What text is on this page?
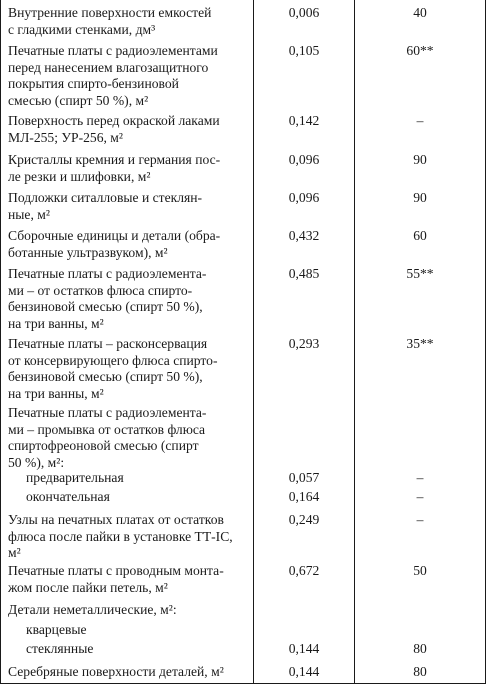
Внутренние поверхности емкостей
с гладкими стенками, дм³
0,006	40
Печатные платы с радиоэлементами
перед нанесением влагозащитного
покрытия спирто-бензиновой
смесью (спирт 50 %), м²
0,105	60**
Поверхность перед окраской лаками
МЛ-255; УР-256, м²
0,142	–
Кристаллы кремния и германия пос-
ле резки и шлифовки, м²
0,096	90
Подложки ситалловые и стеклян-
ные, м²
0,096	90
Сборочные единицы и детали (обра-
ботанные ультразвуком), м²
0,432	60
Печатные платы с радиоэлемента-
ми – от остатков флюса спирто-
бензиновой смесью (спирт 50 %),
на три ванны, м²
0,485	55**
Печатные платы – расконсервация
от консервирующего флюса спирто-
бензиновой смесью (спирт 50 %),
на три ванны, м²
0,293	35**
Печатные платы с радиоэлемента-
ми – промывка от остатков флюса
спиртофреоновой смесью (спирт
50 %), м²:
предварительная	0,057	–
окончательная	0,164	–
Узлы на печатных платах от остатков
флюса после пайки в установке ТТ-IC,
м²
0,249	–
Печатные платы с проводным монта-
жом после пайки петель, м²
0,672	50
Детали неметаллические, м²:
кварцевые
стеклянные	0,144	80
Серебряные поверхности деталей, м²	0,144	80
